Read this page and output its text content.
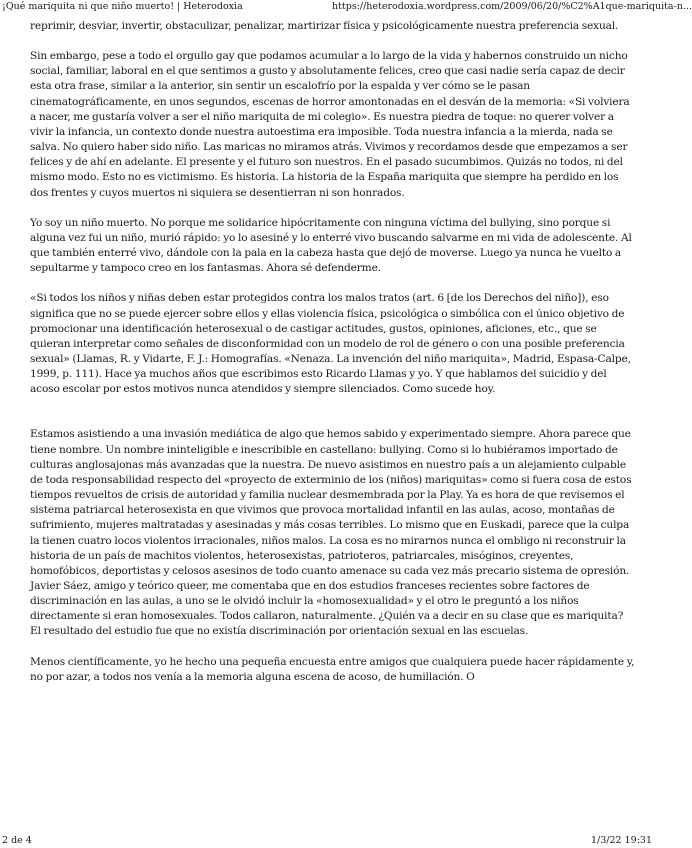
¡Qué mariquita ni que niño muerto! | Heterodoxia	https://heterodoxia.wordpress.com/2009/06/20/%C2%A1que-mariquita-n...

reprimir, desviar, invertir, obstaculizar, penalizar, martirizar física y psicológicamente nuestra preferencia sexual.

Sin embargo, pese a todo el orgullo gay que podamos acumular a lo largo de la vida y habernos construido un nicho social, familiar, laboral en el que sentimos a gusto y absolutamente felices, creo que casi nadie sería capaz de decir esta otra frase, similar a la anterior, sin sentir un escalofrío por la espalda y ver cómo se le pasan cinematográficamente, en unos segundos, escenas de horror amontonadas en el desván de la memoria: «Si volviera a nacer, me gustaría volver a ser el niño mariquita de mi colegio». Es nuestra piedra de toque: no querer volver a vivir la infancia, un contexto donde nuestra autoestima era imposible. Toda nuestra infancia a la mierda, nada se salva. No quiero haber sido niño. Las maricas no miramos atrás. Vivimos y recordamos desde que empezamos a ser felices y de ahí en adelante. El presente y el futuro son nuestros. En el pasado sucumbimos. Quizás no todos, ni del mismo modo. Esto no es victimismo. Es historia. La historia de la España mariquita que siempre ha perdido en los dos frentes y cuyos muertos ni siquiera se desentierran ni son honrados.

Yo soy un niño muerto. No porque me solidarice hipócritamente con ninguna víctima del bullying, sino porque si alguna vez fui un niño, murió rápido: yo lo asesiné y lo enterré vivo buscando salvarme en mi vida de adolescente. Al que también enterré vivo, dándole con la pala en la cabeza hasta que dejó de moverse. Luego ya nunca he vuelto a sepultarme y tampoco creo en los fantasmas. Ahora sé defenderme.

«Si todos los niños y niñas deben estar protegidos contra los malos tratos (art. 6 [de los Derechos del niño]), eso significa que no se puede ejercer sobre ellos y ellas violencia física, psicológica o simbólica con el único objetivo de promocionar una identificación heterosexual o de castigar actitudes, gustos, opiniones, aficiones, etc., que se quieran interpretar como señales de disconformidad con un modelo de rol de género o con una posible preferencia sexual» (Llamas, R. y Vidarte, F. J.: Homografías. «Nenaza. La invención del niño mariquita», Madrid, Espasa-Calpe, 1999, p. 111). Hace ya muchos años que escribimos esto Ricardo Llamas y yo. Y que hablamos del suicidio y del acoso escolar por estos motivos nunca atendidos y siempre silenciados. Como sucede hoy.

Estamos asistiendo a una invasión mediática de algo que hemos sabido y experimentado siempre. Ahora parece que tiene nombre. Un nombre ininteligible e inescribible en castellano: bullying. Como si lo hubiéramos importado de culturas anglosajonas más avanzadas que la nuestra. De nuevo asistimos en nuestro país a un alejamiento culpable de toda responsabilidad respecto del «proyecto de exterminio de los (niños) mariquitas» como si fuera cosa de estos tiempos revueltos de crisis de autoridad y familia nuclear desmembrada por la Play. Ya es hora de que revisemos el sistema patriarcal heterosexista en que vivimos que provoca mortalidad infantil en las aulas, acoso, montañas de sufrimiento, mujeres maltratadas y asesinadas y más cosas terribles. Lo mismo que en Euskadi, parece que la culpa la tienen cuatro locos violentos irracionales, niños malos. La cosa es no mirarnos nunca el ombligo ni reconstruir la historia de un país de machitos violentos, heterosexistas, patrioteros, patriarcales, misóginos, creyentes, homofóbicos, deportistas y celosos asesinos de todo cuanto amenace su cada vez más precario sistema de opresión. Javier Sáez, amigo y teórico queer, me comentaba que en dos estudios franceses recientes sobre factores de discriminación en las aulas, a uno se le olvidó incluir la «homosexualidad» y el otro le preguntó a los niños directamente si eran homosexuales. Todos callaron, naturalmente. ¿Quién va a decir en su clase que es mariquita? El resultado del estudio fue que no existía discriminación por orientación sexual en las escuelas.

Menos científicamente, yo he hecho una pequeña encuesta entre amigos que cualquiera puede hacer rápidamente y, no por azar, a todos nos venía a la memoria alguna escena de acoso, de humillación. O

2 de 4	1/3/22 19:31
